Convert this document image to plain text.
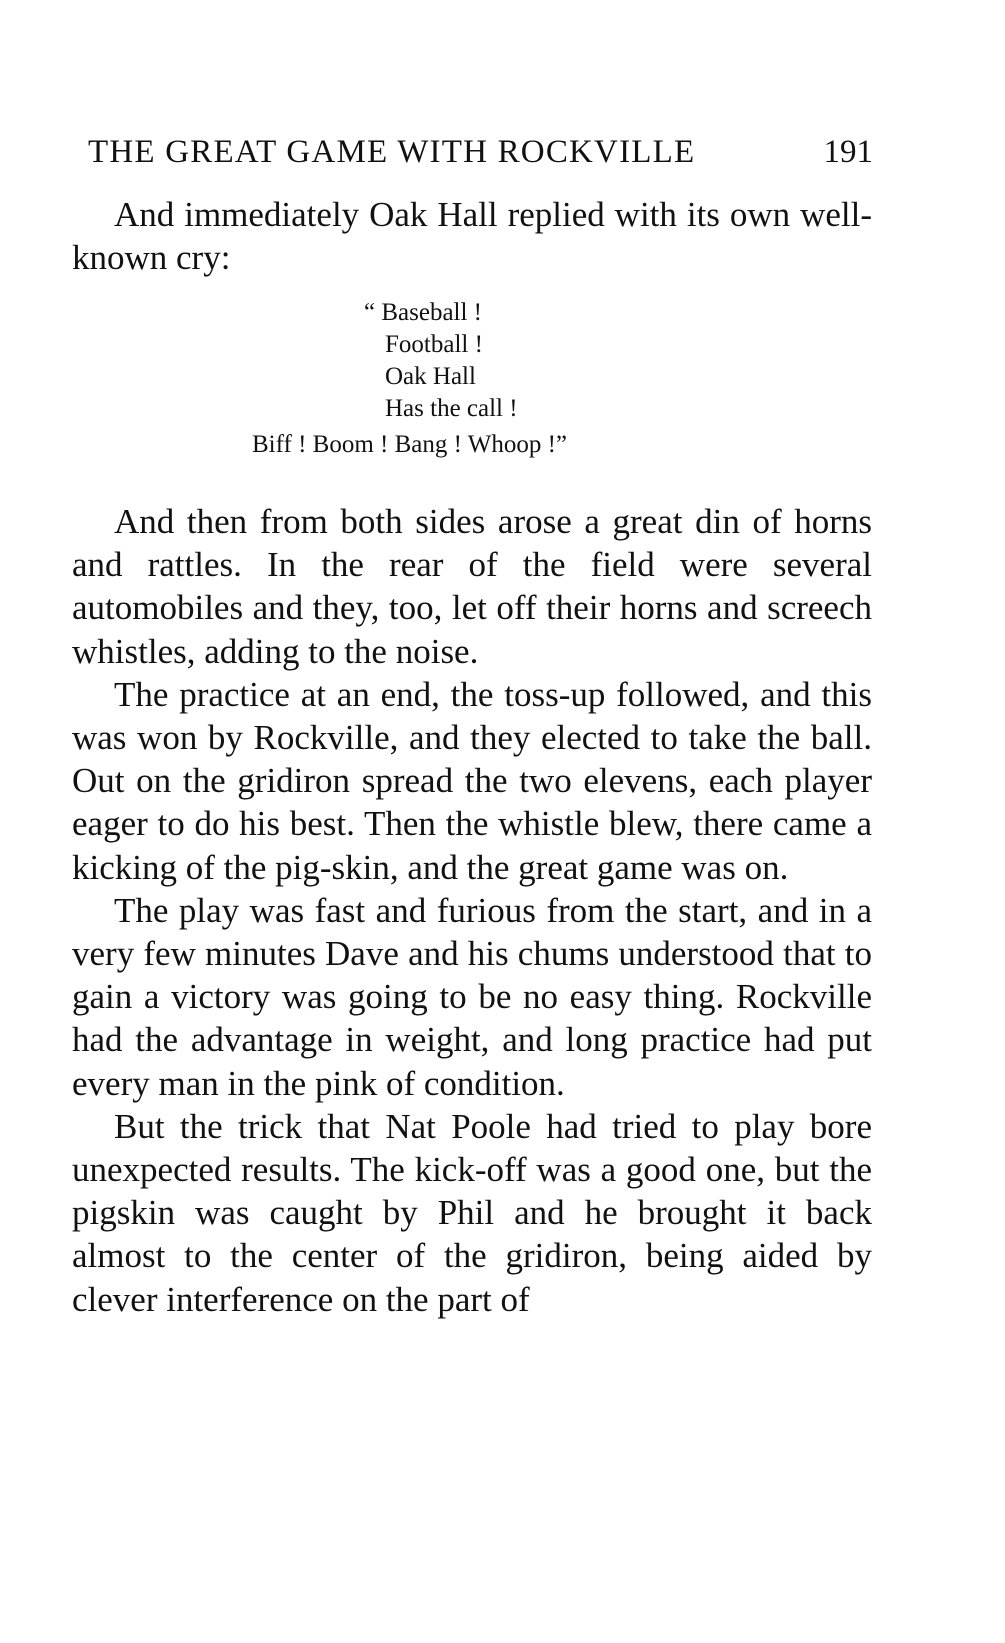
THE GREAT GAME WITH ROCKVILLE	191

And immediately Oak Hall replied with its own well-known cry:

“ Baseball !
Football !
Oak Hall
Has the call !
Biff ! Boom ! Bang ! Whoop !”

And then from both sides arose a great din of horns and rattles. In the rear of the field were several automobiles and they, too, let off their horns and screech whistles, adding to the noise.

The practice at an end, the toss-up followed, and this was won by Rockville, and they elected to take the ball. Out on the gridiron spread the two elevens, each player eager to do his best. Then the whistle blew, there came a kicking of the pig-skin, and the great game was on.

The play was fast and furious from the start, and in a very few minutes Dave and his chums understood that to gain a victory was going to be no easy thing. Rockville had the advantage in weight, and long practice had put every man in the pink of condition.

But the trick that Nat Poole had tried to play bore unexpected results. The kick-off was a good one, but the pigskin was caught by Phil and he brought it back almost to the center of the gridiron, being aided by clever interference on the part of
